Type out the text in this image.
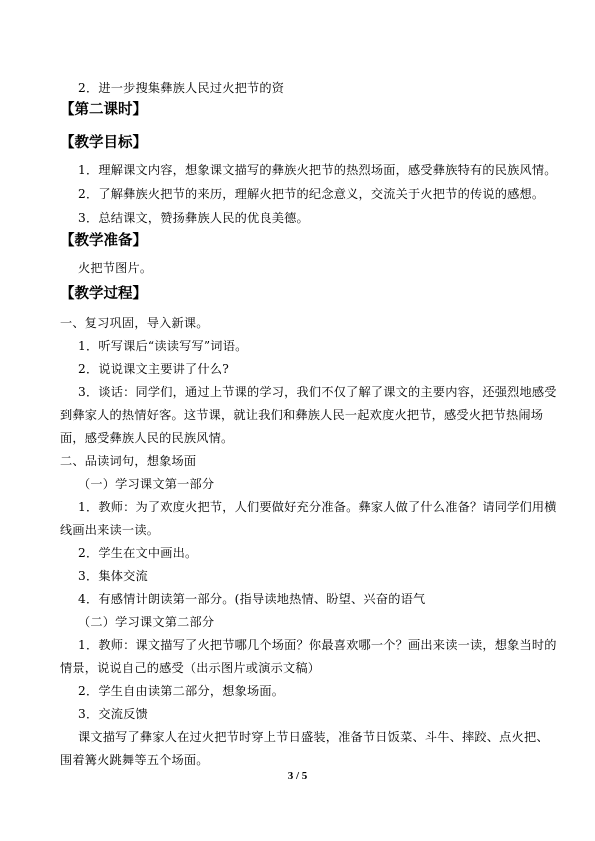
2．进一步搜集彝族人民过火把节的资
【第二课时】
【教学目标】
1．理解课文内容，想象课文描写的彝族火把节的热烈场面，感受彝族特有的民族风情。
2．了解彝族火把节的来历，理解火把节的纪念意义，交流关于火把节的传说的感想。
3．总结课文，赞扬彝族人民的优良美德。
【教学准备】
火把节图片。
【教学过程】
一、复习巩固，导入新课。
1．听写课后“读读写写”词语。
2．说说课文主要讲了什么?
3．谈话：同学们，通过上节课的学习，我们不仅了解了课文的主要内容，还强烈地感受
到彝家人的热情好客。这节课，就让我们和彝族人民一起欢度火把节，感受火把节热闹场
面，感受彝族人民的民族风情。
二、品读词句，想象场面
（一）学习课文第一部分
1．教师：为了欢度火把节，人们要做好充分准备。彝家人做了什么准备？请同学们用横
线画出来读一读。
2．学生在文中画出。
3．集体交流
4．有感情计朗读第一部分。(指导读地热情、盼望、兴奋的语气
（二）学习课文第二部分
1．教师：课文描写了火把节哪几个场面？你最喜欢哪一个？画出来读一读，想象当时的
情景，说说自己的感受（出示图片或演示文稿）
2．学生自由读第二部分，想象场面。
3．交流反馈
课文描写了彝家人在过火把节时穿上节日盛装，准备节日饭菜、斗牛、摔跤、点火把、
围着篝火跳舞等五个场面。
3 / 5
